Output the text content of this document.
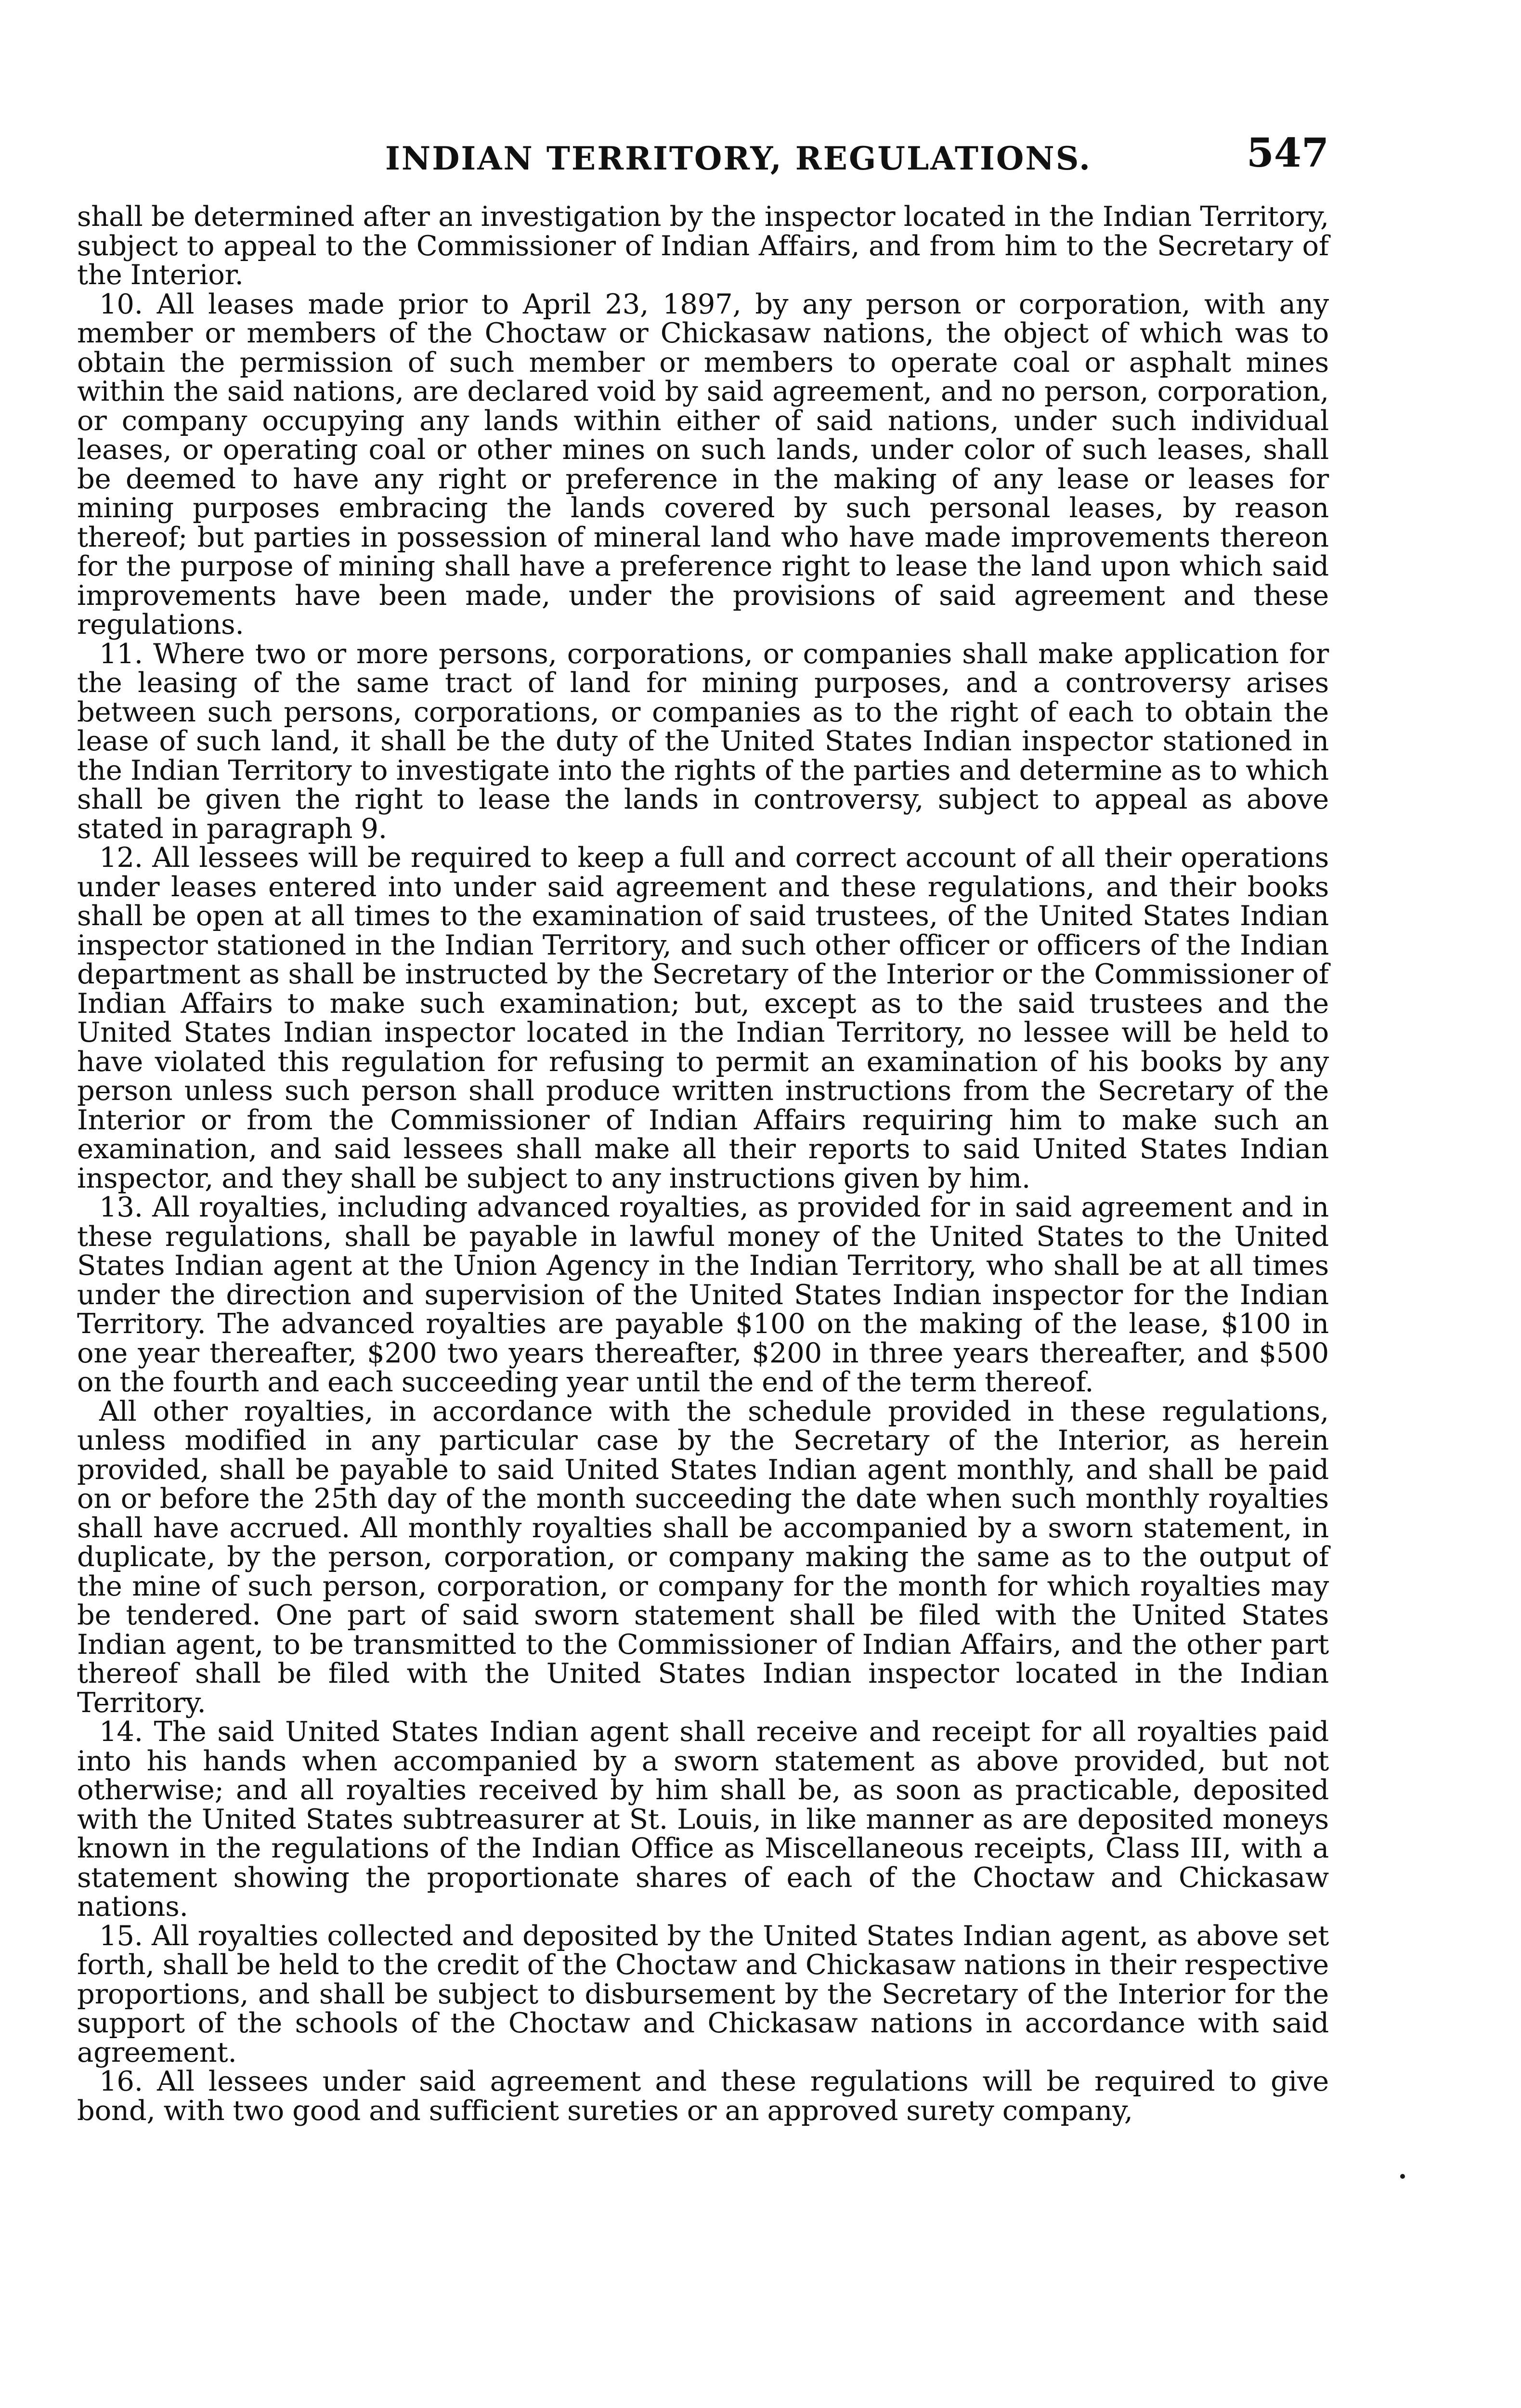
INDIAN TERRITORY, REGULATIONS.	547

shall be determined after an investigation by the inspector located in the Indian Territory, subject to appeal to the Commissioner of Indian Affairs, and from him to the Secretary of the Interior.

10. All leases made prior to April 23, 1897, by any person or corporation, with any member or members of the Choctaw or Chickasaw nations, the object of which was to obtain the permission of such member or members to operate coal or asphalt mines within the said nations, are declared void by said agreement, and no person, corporation, or company occupying any lands within either of said nations, under such individual leases, or operating coal or other mines on such lands, under color of such leases, shall be deemed to have any right or preference in the making of any lease or leases for mining purposes embracing the lands covered by such personal leases, by reason thereof; but parties in possession of mineral land who have made improvements thereon for the purpose of mining shall have a preference right to lease the land upon which said improvements have been made, under the provisions of said agreement and these regulations.

11. Where two or more persons, corporations, or companies shall make application for the leasing of the same tract of land for mining purposes, and a controversy arises between such persons, corporations, or companies as to the right of each to obtain the lease of such land, it shall be the duty of the United States Indian inspector stationed in the Indian Territory to investigate into the rights of the parties and determine as to which shall be given the right to lease the lands in controversy, subject to appeal as above stated in paragraph 9.

12. All lessees will be required to keep a full and correct account of all their operations under leases entered into under said agreement and these regulations, and their books shall be open at all times to the examination of said trustees, of the United States Indian inspector stationed in the Indian Territory, and such other officer or officers of the Indian department as shall be instructed by the Secretary of the Interior or the Commissioner of Indian Affairs to make such examination; but, except as to the said trustees and the United States Indian inspector located in the Indian Territory, no lessee will be held to have violated this regulation for refusing to permit an examination of his books by any person unless such person shall produce written instructions from the Secretary of the Interior or from the Commissioner of Indian Affairs requiring him to make such an examination, and said lessees shall make all their reports to said United States Indian inspector, and they shall be subject to any instructions given by him.

13. All royalties, including advanced royalties, as provided for in said agreement and in these regulations, shall be payable in lawful money of the United States to the United States Indian agent at the Union Agency in the Indian Territory, who shall be at all times under the direction and supervision of the United States Indian inspector for the Indian Territory. The advanced royalties are payable $100 on the making of the lease, $100 in one year thereafter, $200 two years thereafter, $200 in three years thereafter, and $500 on the fourth and each succeeding year until the end of the term thereof.

All other royalties, in accordance with the schedule provided in these regulations, unless modified in any particular case by the Secretary of the Interior, as herein provided, shall be payable to said United States Indian agent monthly, and shall be paid on or before the 25th day of the month succeeding the date when such monthly royalties shall have accrued. All monthly royalties shall be accompanied by a sworn statement, in duplicate, by the person, corporation, or company making the same as to the output of the mine of such person, corporation, or company for the month for which royalties may be tendered. One part of said sworn statement shall be filed with the United States Indian agent, to be transmitted to the Commissioner of Indian Affairs, and the other part thereof shall be filed with the United States Indian inspector located in the Indian Territory.

14. The said United States Indian agent shall receive and receipt for all royalties paid into his hands when accompanied by a sworn statement as above provided, but not otherwise; and all royalties received by him shall be, as soon as practicable, deposited with the United States subtreasurer at St. Louis, in like manner as are deposited moneys known in the regulations of the Indian Office as Miscellaneous receipts, Class III, with a statement showing the proportionate shares of each of the Choctaw and Chickasaw nations.

15. All royalties collected and deposited by the United States Indian agent, as above set forth, shall be held to the credit of the Choctaw and Chickasaw nations in their respective proportions, and shall be subject to disbursement by the Secretary of the Interior for the support of the schools of the Choctaw and Chickasaw nations in accordance with said agreement.

16. All lessees under said agreement and these regulations will be required to give bond, with two good and sufficient sureties or an approved surety company,
